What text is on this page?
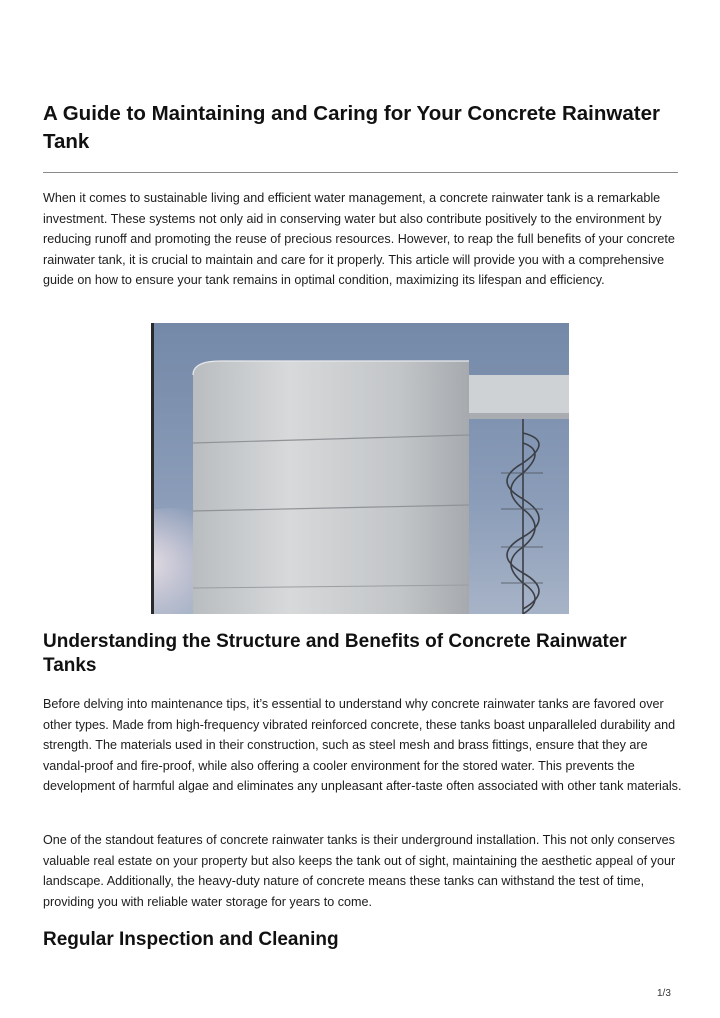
A Guide to Maintaining and Caring for Your Concrete Rainwater Tank

When it comes to sustainable living and efficient water management, a concrete rainwater tank is a remarkable investment. These systems not only aid in conserving water but also contribute positively to the environment by reducing runoff and promoting the reuse of precious resources. However, to reap the full benefits of your concrete rainwater tank, it is crucial to maintain and care for it properly. This article will provide you with a comprehensive guide on how to ensure your tank remains in optimal condition, maximizing its lifespan and efficiency.

Understanding the Structure and Benefits of Concrete Rainwater Tanks

Before delving into maintenance tips, it’s essential to understand why concrete rainwater tanks are favored over other types. Made from high-frequency vibrated reinforced concrete, these tanks boast unparalleled durability and strength. The materials used in their construction, such as steel mesh and brass fittings, ensure that they are vandal-proof and fire-proof, while also offering a cooler environment for the stored water. This prevents the development of harmful algae and eliminates any unpleasant after-taste often associated with other tank materials.

One of the standout features of concrete rainwater tanks is their underground installation. This not only conserves valuable real estate on your property but also keeps the tank out of sight, maintaining the aesthetic appeal of your landscape. Additionally, the heavy-duty nature of concrete means these tanks can withstand the test of time, providing you with reliable water storage for years to come.

Regular Inspection and Cleaning
1/3
